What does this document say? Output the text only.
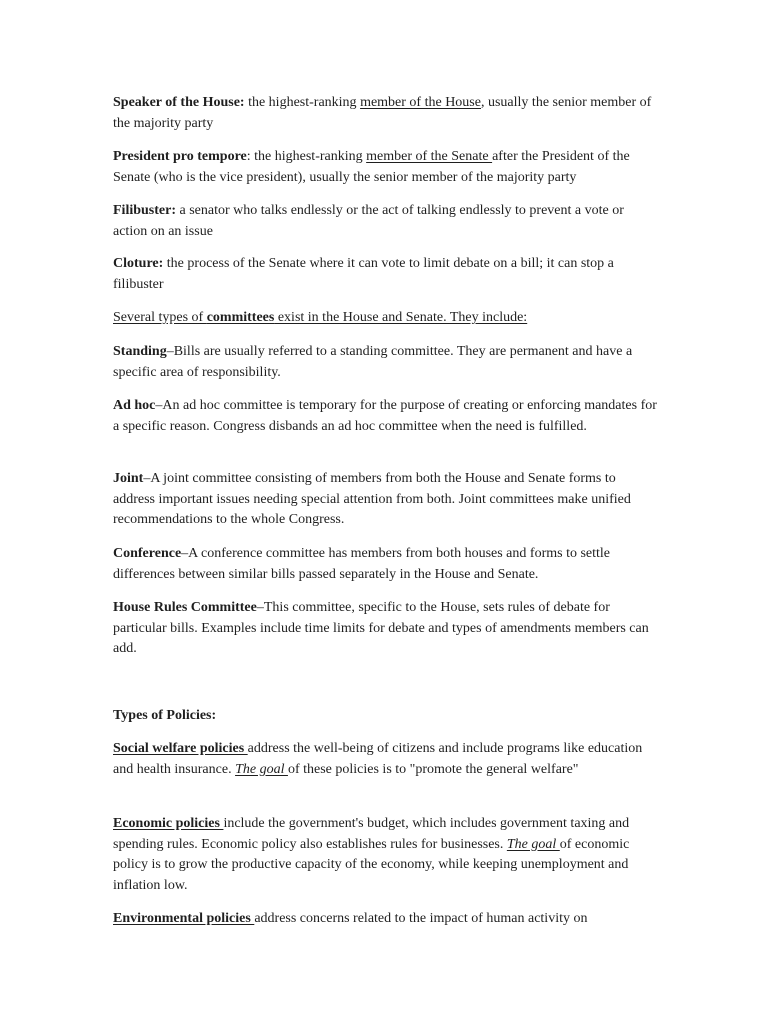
Speaker of the House: the highest-ranking member of the House, usually the senior member of the majority party

President pro tempore: the highest-ranking member of the Senate after the President of the Senate (who is the vice president), usually the senior member of the majority party

Filibuster: a senator who talks endlessly or the act of talking endlessly to prevent a vote or action on an issue

Cloture: the process of the Senate where it can vote to limit debate on a bill; it can stop a filibuster

Several types of committees exist in the House and Senate. They include:

Standing–Bills are usually referred to a standing committee. They are permanent and have a specific area of responsibility.

Ad hoc–An ad hoc committee is temporary for the purpose of creating or enforcing mandates for a specific reason. Congress disbands an ad hoc committee when the need is fulfilled.

Joint–A joint committee consisting of members from both the House and Senate forms to address important issues needing special attention from both. Joint committees make unified recommendations to the whole Congress.

Conference–A conference committee has members from both houses and forms to settle differences between similar bills passed separately in the House and Senate.

House Rules Committee–This committee, specific to the House, sets rules of debate for particular bills. Examples include time limits for debate and types of amendments members can add.

Types of Policies:

Social welfare policies address the well-being of citizens and include programs like education and health insurance. The goal of these policies is to "promote the general welfare"

Economic policies include the government's budget, which includes government taxing and spending rules. Economic policy also establishes rules for businesses. The goal of economic policy is to grow the productive capacity of the economy, while keeping unemployment and inflation low.

Environmental policies address concerns related to the impact of human activity on
